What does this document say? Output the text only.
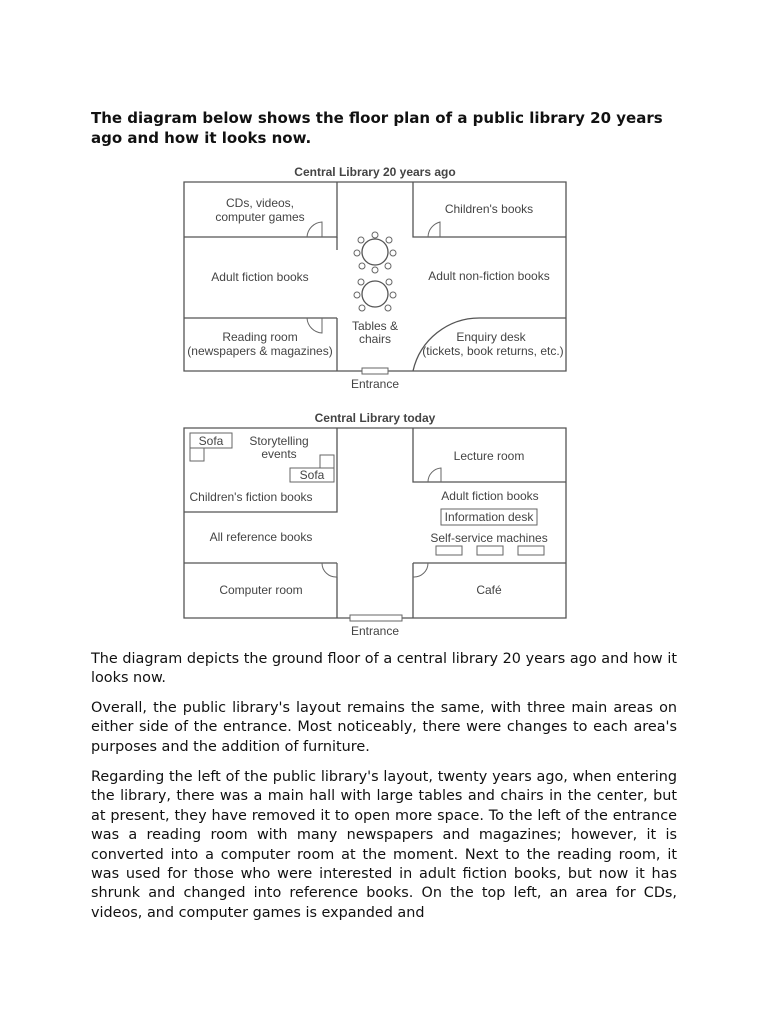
The diagram below shows the floor plan of a public library 20 years ago and how it looks now.

Central Library 20 years ago
CDs, videos,
computer games
Children's books
Adult fiction books	Adult non-fiction books
Reading room
(newspapers & magazines)
Tables &
chairs	Enquiry desk
(tickets, book returns, etc.)
Entrance
Central Library today
Sofa
Sofa
Storytelling
events
Children's fiction books
All reference books
Computer room
Lecture room
Adult fiction books
Information desk
Self-service machines
Café
Entrance

The diagram depicts the ground floor of a central library 20 years ago and how it looks now.

Overall, the public library's layout remains the same, with three main areas on either side of the entrance. Most noticeably, there were changes to each area's purposes and the addition of furniture.

Regarding the left of the public library's layout, twenty years ago, when entering the library, there was a main hall with large tables and chairs in the center, but at present, they have removed it to open more space. To the left of the entrance was a reading room with many newspapers and magazines; however, it is converted into a computer room at the moment. Next to the reading room, it was used for those who were interested in adult fiction books, but now it has shrunk and changed into reference books. On the top left, an area for CDs, videos, and computer games is expanded and
